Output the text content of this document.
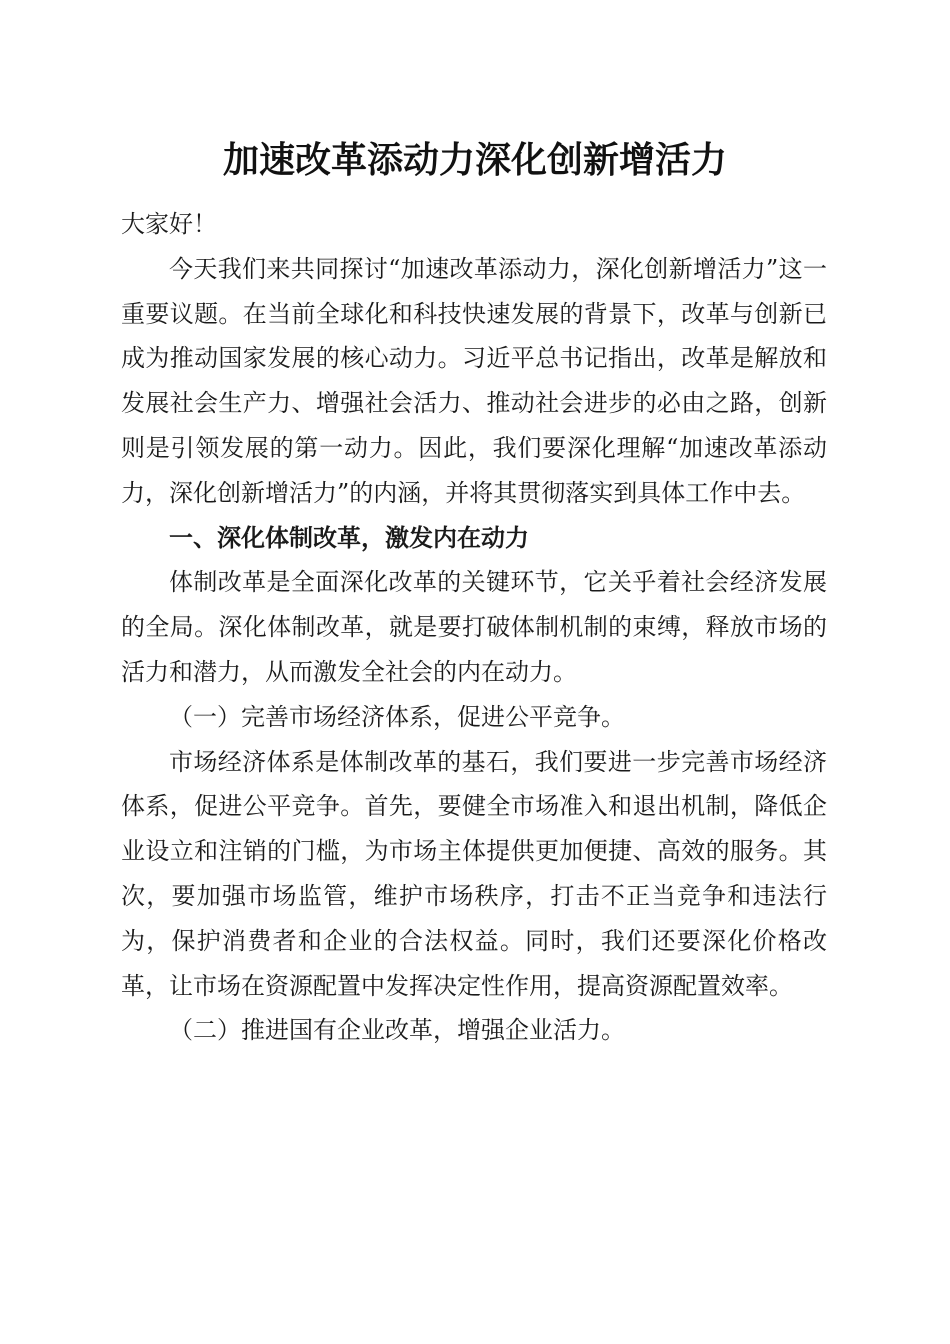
加速改革添动力深化创新增活力

大家好！

今天我们来共同探讨“加速改革添动力，深化创新增活力”这一重要议题。在当前全球化和科技快速发展的背景下，改革与创新已成为推动国家发展的核心动力。习近平总书记指出，改革是解放和发展社会生产力、增强社会活力、推动社会进步的必由之路，创新则是引领发展的第一动力。因此，我们要深化理解“加速改革添动力，深化创新增活力”的内涵，并将其贯彻落实到具体工作中去。

一、深化体制改革，激发内在动力

体制改革是全面深化改革的关键环节，它关乎着社会经济发展的全局。深化体制改革，就是要打破体制机制的束缚，释放市场的活力和潜力，从而激发全社会的内在动力。

（一）完善市场经济体系，促进公平竞争。

市场经济体系是体制改革的基石，我们要进一步完善市场经济体系，促进公平竞争。首先，要健全市场准入和退出机制，降低企业设立和注销的门槛，为市场主体提供更加便捷、高效的服务。其次，要加强市场监管，维护市场秩序，打击不正当竞争和违法行为，保护消费者和企业的合法权益。同时，我们还要深化价格改革，让市场在资源配置中发挥决定性作用，提高资源配置效率。

（二）推进国有企业改革，增强企业活力。
